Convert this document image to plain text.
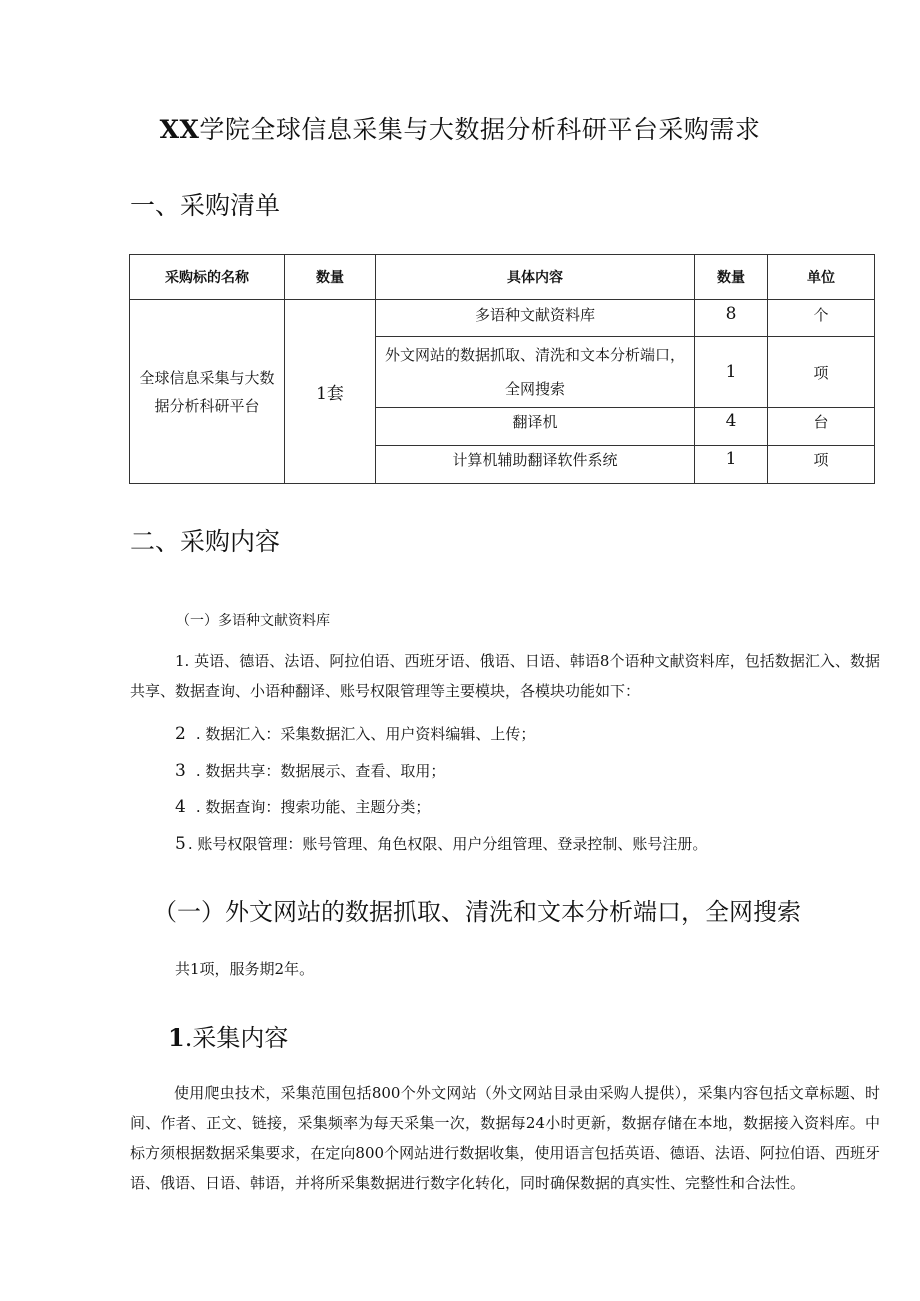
XX学院全球信息采集与大数据分析科研平台采购需求
一、采购清单
采购标的名称	数量	具体内容	数量	单位
全球信息采集与大数据分析科研平台	1套	多语种文献资料库	8	个
		外文网站的数据抓取、清洗和文本分析端口，全网搜索	1	项
		翻译机	4	台
		计算机辅助翻译软件系统	1	项
二、采购内容

（一）多语种文献资料库

1. 英语、德语、法语、阿拉伯语、西班牙语、俄语、日语、韩语8个语种文献资料库，包括数据汇入、数据共享、数据查询、小语种翻译、账号权限管理等主要模块，各模块功能如下：

2 . 数据汇入：采集数据汇入、用户资料编辑、上传；

3 . 数据共享：数据展示、查看、取用；

4 . 数据查询：搜索功能、主题分类；

5 . 账号权限管理：账号管理、角色权限、用户分组管理、登录控制、账号注册。

（一）外文网站的数据抓取、清洗和文本分析端口，全网搜索

共1项，服务期2年。

1.采集内容

使用爬虫技术，采集范围包括800个外文网站（外文网站目录由采购人提供），采集内容包括文章标题、时间、作者、正文、链接，采集频率为每天采集一次，数据每24小时更新，数据存储在本地，数据接入资料库。中标方须根据数据采集要求，在定向800个网站进行数据收集，使用语言包括英语、德语、法语、阿拉伯语、西班牙语、俄语、日语、韩语，并将所采集数据进行数字化转化，同时确保数据的真实性、完整性和合法性。
